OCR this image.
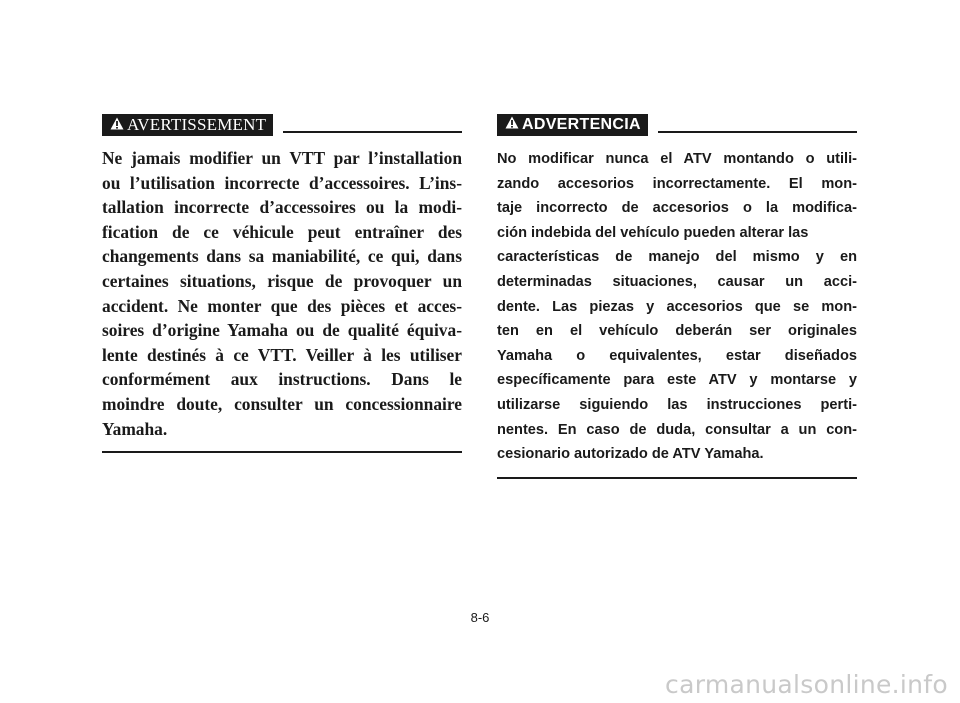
AVERTISSEMENT
Ne jamais modifier un VTT par l’installation
ou l’utilisation incorrecte d’accessoires. L’ins-
tallation incorrecte d’accessoires ou la modi-
fication de ce véhicule peut entraîner des
changements dans sa maniabilité, ce qui, dans
certaines situations, risque de provoquer un
accident. Ne monter que des pièces et acces-
soires d’origine Yamaha ou de qualité équiva-
lente destinés à ce VTT. Veiller à les utiliser
conformément aux instructions. Dans le
moindre doute, consulter un concessionnaire
Yamaha.
ADVERTENCIA
No modificar nunca el ATV montando o utili-
zando accesorios incorrectamente. El mon-
taje incorrecto de accesorios o la modifica-
ción indebida del vehículo pueden alterar las
características de manejo del mismo y en
determinadas situaciones, causar un acci-
dente. Las piezas y accesorios que se mon-
ten en el vehículo deberán ser originales
Yamaha o equivalentes, estar diseñados
específicamente para este ATV y montarse y
utilizarse siguiendo las instrucciones perti-
nentes. En caso de duda, consultar a un con-
cesionario autorizado de ATV Yamaha.
8-6
carmanualsonline.info
